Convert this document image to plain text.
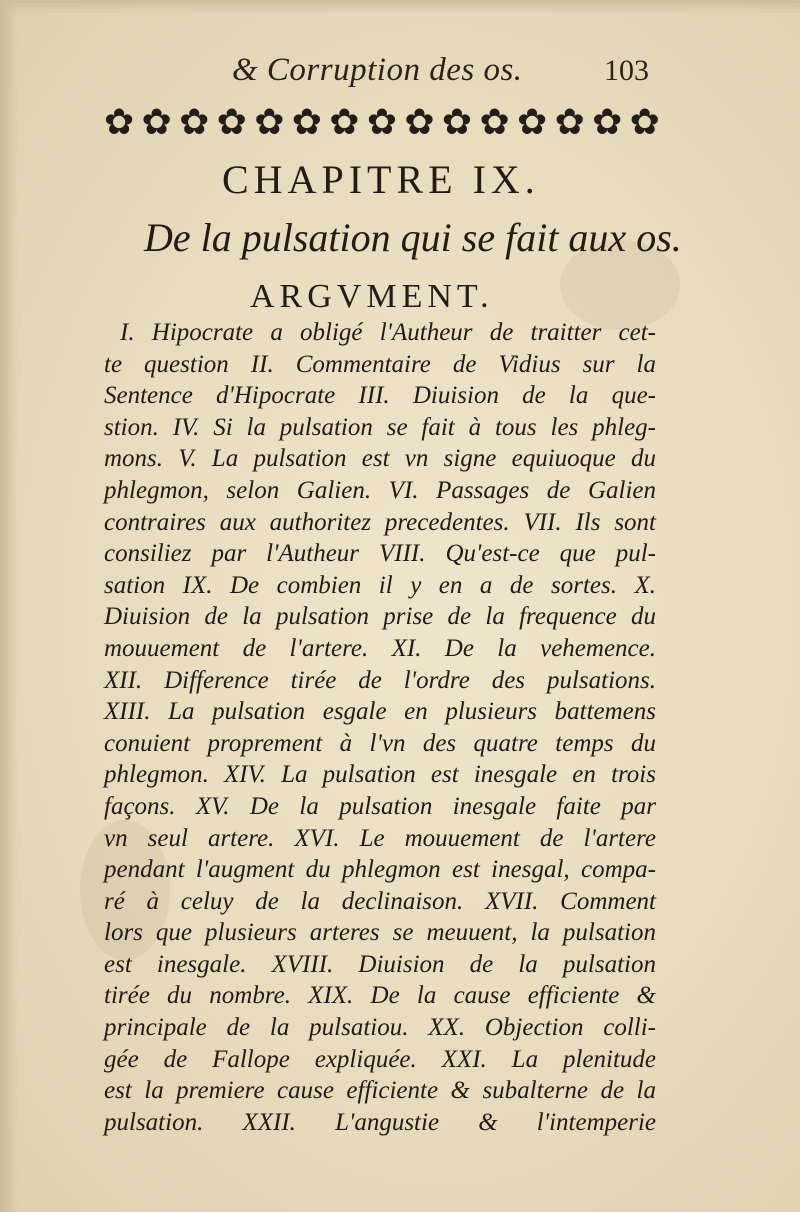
& Corruption des os.	103
✿ ✿ ✿ ✿ ✿ ✿ ✿ ✿ ✿ ✿ ✿ ✿ ✿ ✿ ✿
CHAPITRE IX.
De la pulsation qui se fait aux os.
ARGVMENT.
I. Hipocrate a obligé l'Autheur de traitter cet-
te question II. Commentaire de Vidius sur la
Sentence d'Hipocrate III. Diuision de la que-
stion. IV. Si la pulsation se fait à tous les phleg-
mons. V. La pulsation est vn signe equiuoque du
phlegmon, selon Galien. VI. Passages de Galien
contraires aux authoritez precedentes. VII. Ils sont
consiliez par l'Autheur VIII. Qu'est-ce que pul-
sation IX. De combien il y en a de sortes. X.
Diuision de la pulsation prise de la frequence du
mouuement de l'artere. XI. De la vehemence.
XII. Difference tirée de l'ordre des pulsations.
XIII. La pulsation esgale en plusieurs battemens
conuient proprement à l'vn des quatre temps du
phlegmon. XIV. La pulsation est inesgale en trois
façons. XV. De la pulsation inesgale faite par
vn seul artere. XVI. Le mouuement de l'artere
pendant l'augment du phlegmon est inesgal, compa-
ré à celuy de la declinaison. XVII. Comment
lors que plusieurs arteres se meuuent, la pulsation
est inesgale. XVIII. Diuision de la pulsation
tirée du nombre. XIX. De la cause efficiente &
principale de la pulsatiou. XX. Objection colli-
gée de Fallope expliquée. XXI. La plenitude
est la premiere cause efficiente & subalterne de la
pulsation. XXII. L'angustie & l'intemperie
